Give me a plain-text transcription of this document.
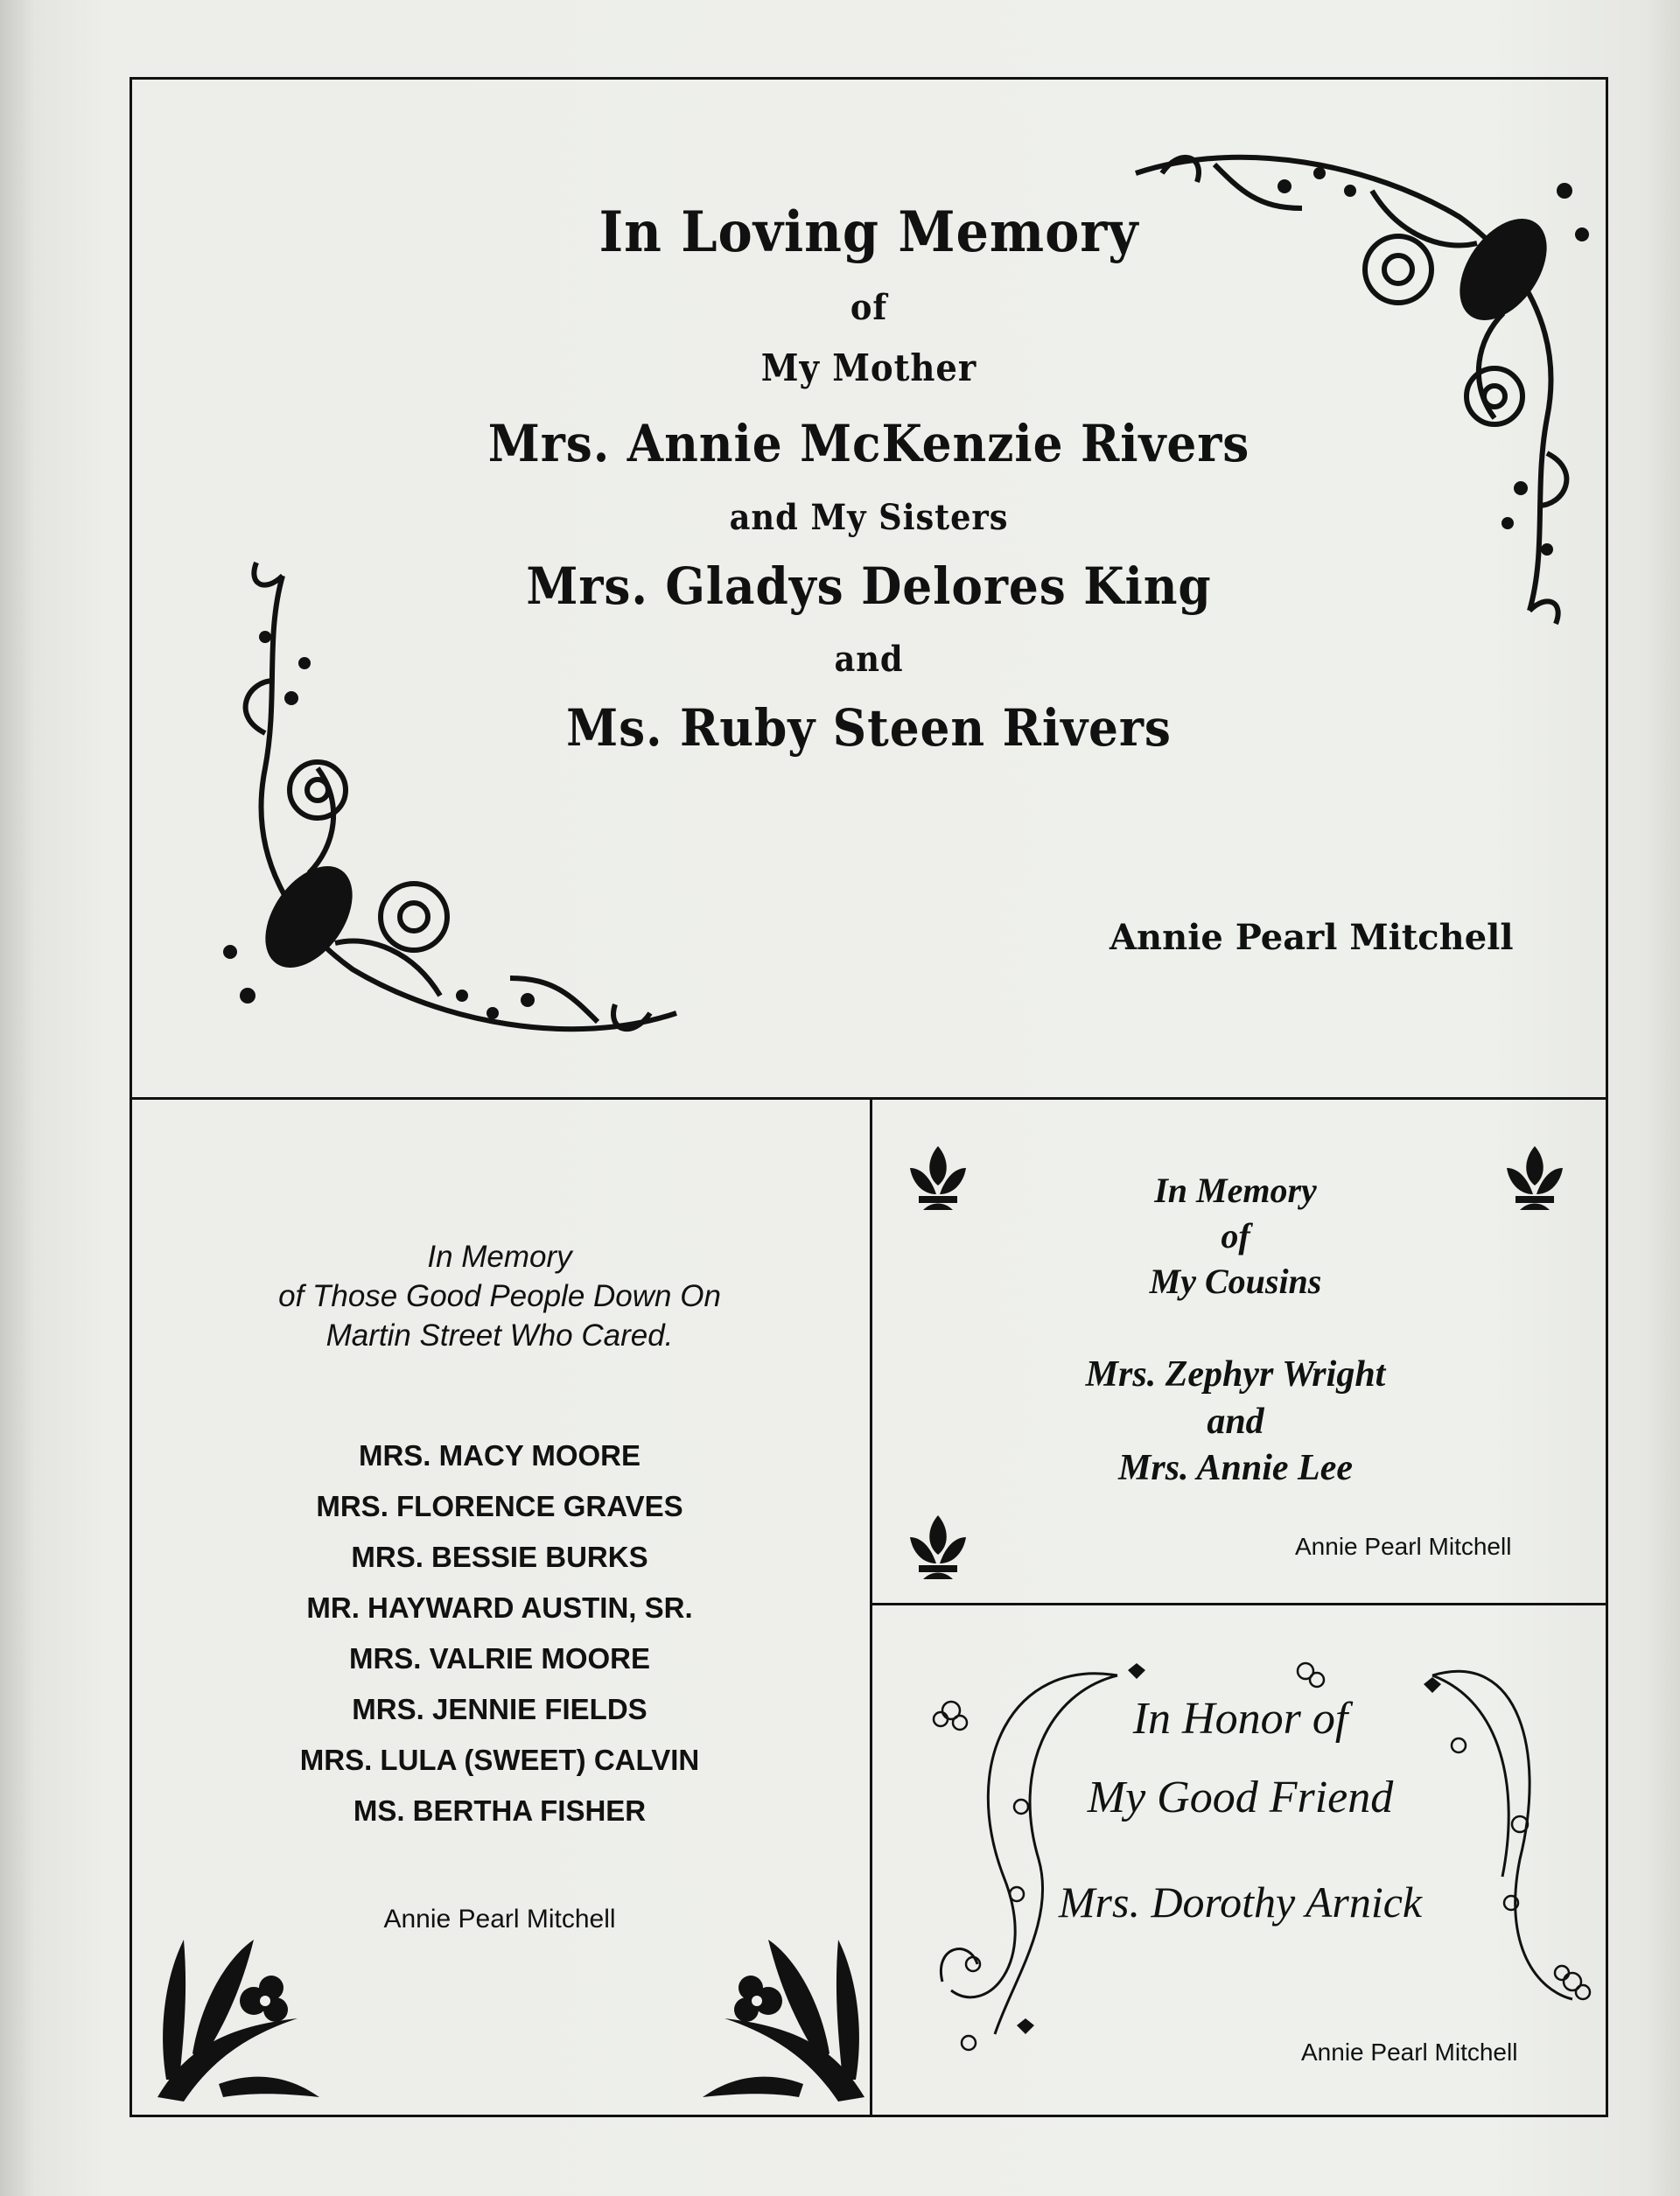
In Loving Memory
of
My Mother
Mrs. Annie McKenzie Rivers
and My Sisters
Mrs. Gladys Delores King
and
Ms. Ruby Steen Rivers
Annie Pearl Mitchell
In Memory
of Those Good People Down On
Martin Street Who Cared.
MRS. MACY MOORE
MRS. FLORENCE GRAVES
MRS. BESSIE BURKS
MR. HAYWARD AUSTIN, SR.
MRS. VALRIE MOORE
MRS. JENNIE FIELDS
MRS. LULA (SWEET) CALVIN
MS. BERTHA FISHER
Annie Pearl Mitchell
In Memory
of
My Cousins
Mrs. Zephyr Wright
and
Mrs. Annie Lee
Annie Pearl Mitchell
In Honor of
My Good Friend
Mrs. Dorothy Arnick
Annie Pearl Mitchell
